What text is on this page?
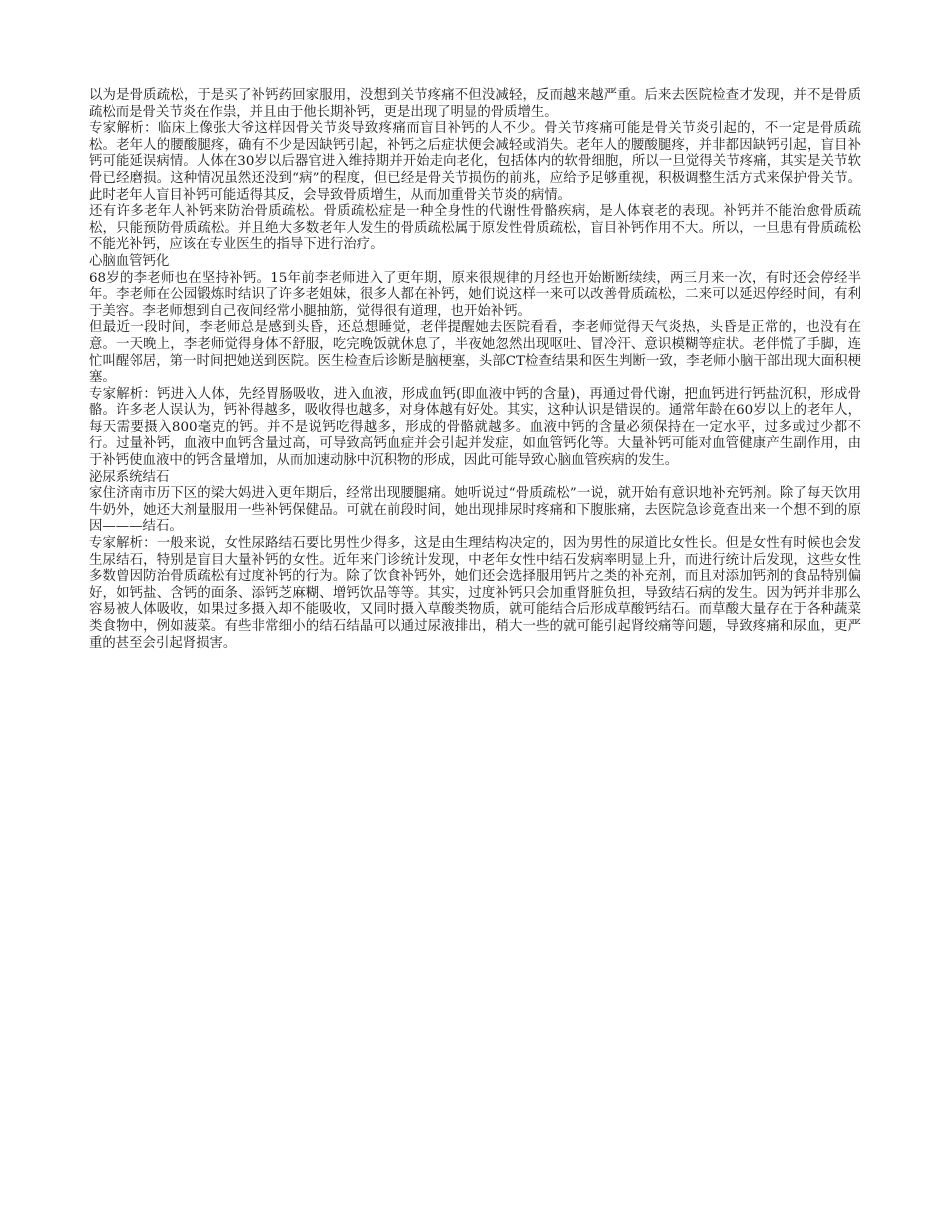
以为是骨质疏松，于是买了补钙药回家服用，没想到关节疼痛不但没减轻，反而越来越严重。后来去医院检查才发现，并不是骨质疏松而是骨关节炎在作祟，并且由于他长期补钙，更是出现了明显的骨质增生。

专家解析：临床上像张大爷这样因骨关节炎导致疼痛而盲目补钙的人不少。骨关节疼痛可能是骨关节炎引起的，不一定是骨质疏松。老年人的腰酸腿疼，确有不少是因缺钙引起，补钙之后症状便会减轻或消失。老年人的腰酸腿疼，并非都因缺钙引起，盲目补钙可能延误病情。人体在30岁以后器官进入维持期并开始走向老化，包括体内的软骨细胞，所以一旦觉得关节疼痛，其实是关节软骨已经磨损。这种情况虽然还没到“病”的程度，但已经是骨关节损伤的前兆，应给予足够重视，积极调整生活方式来保护骨关节。此时老年人盲目补钙可能适得其反，会导致骨质增生，从而加重骨关节炎的病情。

还有许多老年人补钙来防治骨质疏松。骨质疏松症是一种全身性的代谢性骨骼疾病，是人体衰老的表现。补钙并不能治愈骨质疏松，只能预防骨质疏松。并且绝大多数老年人发生的骨质疏松属于原发性骨质疏松，盲目补钙作用不大。所以，一旦患有骨质疏松不能光补钙，应该在专业医生的指导下进行治疗。

心脑血管钙化

68岁的李老师也在坚持补钙。15年前李老师进入了更年期，原来很规律的月经也开始断断续续，两三月来一次，有时还会停经半年。李老师在公园锻炼时结识了许多老姐妹，很多人都在补钙，她们说这样一来可以改善骨质疏松，二来可以延迟停经时间，有利于美容。李老师想到自己夜间经常小腿抽筋，觉得很有道理，也开始补钙。

但最近一段时间，李老师总是感到头昏，还总想睡觉，老伴提醒她去医院看看，李老师觉得天气炎热，头昏是正常的，也没有在意。一天晚上，李老师觉得身体不舒服，吃完晚饭就休息了，半夜她忽然出现呕吐、冒冷汗、意识模糊等症状。老伴慌了手脚，连忙叫醒邻居，第一时间把她送到医院。医生检查后诊断是脑梗塞，头部CT检查结果和医生判断一致，李老师小脑干部出现大面积梗塞。

专家解析：钙进入人体，先经胃肠吸收，进入血液，形成血钙(即血液中钙的含量)，再通过骨代谢，把血钙进行钙盐沉积，形成骨骼。许多老人误认为，钙补得越多，吸收得也越多，对身体越有好处。其实，这种认识是错误的。通常年龄在60岁以上的老年人，每天需要摄入800毫克的钙。并不是说钙吃得越多，形成的骨骼就越多。血液中钙的含量必须保持在一定水平，过多或过少都不行。过量补钙，血液中血钙含量过高，可导致高钙血症并会引起并发症，如血管钙化等。大量补钙可能对血管健康产生副作用，由于补钙使血液中的钙含量增加，从而加速动脉中沉积物的形成，因此可能导致心脑血管疾病的发生。

泌尿系统结石

家住济南市历下区的梁大妈进入更年期后，经常出现腰腿痛。她听说过“骨质疏松”一说，就开始有意识地补充钙剂。除了每天饮用牛奶外，她还大剂量服用一些补钙保健品。可就在前段时间，她出现排尿时疼痛和下腹胀痛，去医院急诊竟查出来一个想不到的原因———结石。

专家解析：一般来说，女性尿路结石要比男性少得多，这是由生理结构决定的，因为男性的尿道比女性长。但是女性有时候也会发生尿结石，特别是盲目大量补钙的女性。近年来门诊统计发现，中老年女性中结石发病率明显上升，而进行统计后发现，这些女性多数曾因防治骨质疏松有过度补钙的行为。除了饮食补钙外，她们还会选择服用钙片之类的补充剂，而且对添加钙剂的食品特别偏好，如钙盐、含钙的面条、添钙芝麻糊、增钙饮品等等。其实，过度补钙只会加重肾脏负担，导致结石病的发生。因为钙并非那么容易被人体吸收，如果过多摄入却不能吸收，又同时摄入草酸类物质，就可能结合后形成草酸钙结石。而草酸大量存在于各种蔬菜类食物中，例如菠菜。有些非常细小的结石结晶可以通过尿液排出，稍大一些的就可能引起肾绞痛等问题，导致疼痛和尿血，更严重的甚至会引起肾损害。
